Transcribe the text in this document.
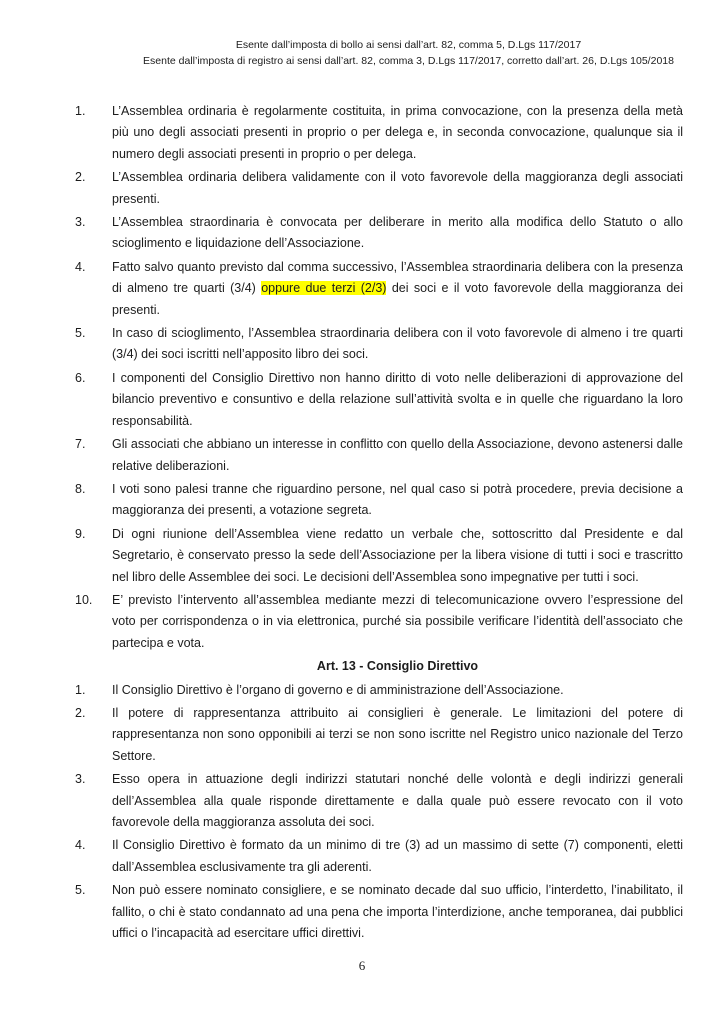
Esente dall’imposta di bollo ai sensi dall’art. 82, comma 5, D.Lgs 117/2017
Esente dall’imposta di registro ai sensi dall’art. 82, comma 3, D.Lgs 117/2017, corretto dall’art. 26, D.Lgs 105/2018
1. L’Assemblea ordinaria è regolarmente costituita, in prima convocazione, con la presenza della metà più uno degli associati presenti in proprio o per delega e, in seconda convocazione, qualunque sia il numero degli associati presenti in proprio o per delega.
2. L’Assemblea ordinaria delibera validamente con il voto favorevole della maggioranza degli associati presenti.
3. L’Assemblea straordinaria è convocata per deliberare in merito alla modifica dello Statuto o allo scioglimento e liquidazione dell’Associazione.
4. Fatto salvo quanto previsto dal comma successivo, l’Assemblea straordinaria delibera con la presenza di almeno tre quarti (3/4) oppure due terzi (2/3) dei soci e il voto favorevole della maggioranza dei presenti.
5. In caso di scioglimento, l’Assemblea straordinaria delibera con il voto favorevole di almeno i tre quarti (3/4) dei soci iscritti nell’apposito libro dei soci.
6. I componenti del Consiglio Direttivo non hanno diritto di voto nelle deliberazioni di approvazione del bilancio preventivo e consuntivo e della relazione sull’attività svolta e in quelle che riguardano la loro responsabilità.
7. Gli associati che abbiano un interesse in conflitto con quello della Associazione, devono astenersi dalle relative deliberazioni.
8. I voti sono palesi tranne che riguardino persone, nel qual caso si potrà procedere, previa decisione a maggioranza dei presenti, a votazione segreta.
9. Di ogni riunione dell’Assemblea viene redatto un verbale che, sottoscritto dal Presidente e dal Segretario, è conservato presso la sede dell’Associazione per la libera visione di tutti i soci e trascritto nel libro delle Assemblee dei soci. Le decisioni dell’Assemblea sono impegnative per tutti i soci.
10. E’ previsto l’intervento all’assemblea mediante mezzi di telecomunicazione ovvero l’espressione del voto per corrispondenza o in via elettronica, purché sia possibile verificare l’identità dell’associato che partecipa e vota.
Art. 13 - Consiglio Direttivo
1. Il Consiglio Direttivo è l’organo di governo e di amministrazione dell’Associazione.
2. Il potere di rappresentanza attribuito ai consiglieri è generale. Le limitazioni del potere di rappresentanza non sono opponibili ai terzi se non sono iscritte nel Registro unico nazionale del Terzo Settore.
3. Esso opera in attuazione degli indirizzi statutari nonché delle volontà e degli indirizzi generali dell’Assemblea alla quale risponde direttamente e dalla quale può essere revocato con il voto favorevole della maggioranza assoluta dei soci.
4. Il Consiglio Direttivo è formato da un minimo di tre (3) ad un massimo di sette (7) componenti, eletti dall’Assemblea esclusivamente tra gli aderenti.
5. Non può essere nominato consigliere, e se nominato decade dal suo ufficio, l’interdetto, l’inabilitato, il fallito, o chi è stato condannato ad una pena che importa l’interdizione, anche temporanea, dai pubblici uffici o l’incapacità ad esercitare uffici direttivi.
6
